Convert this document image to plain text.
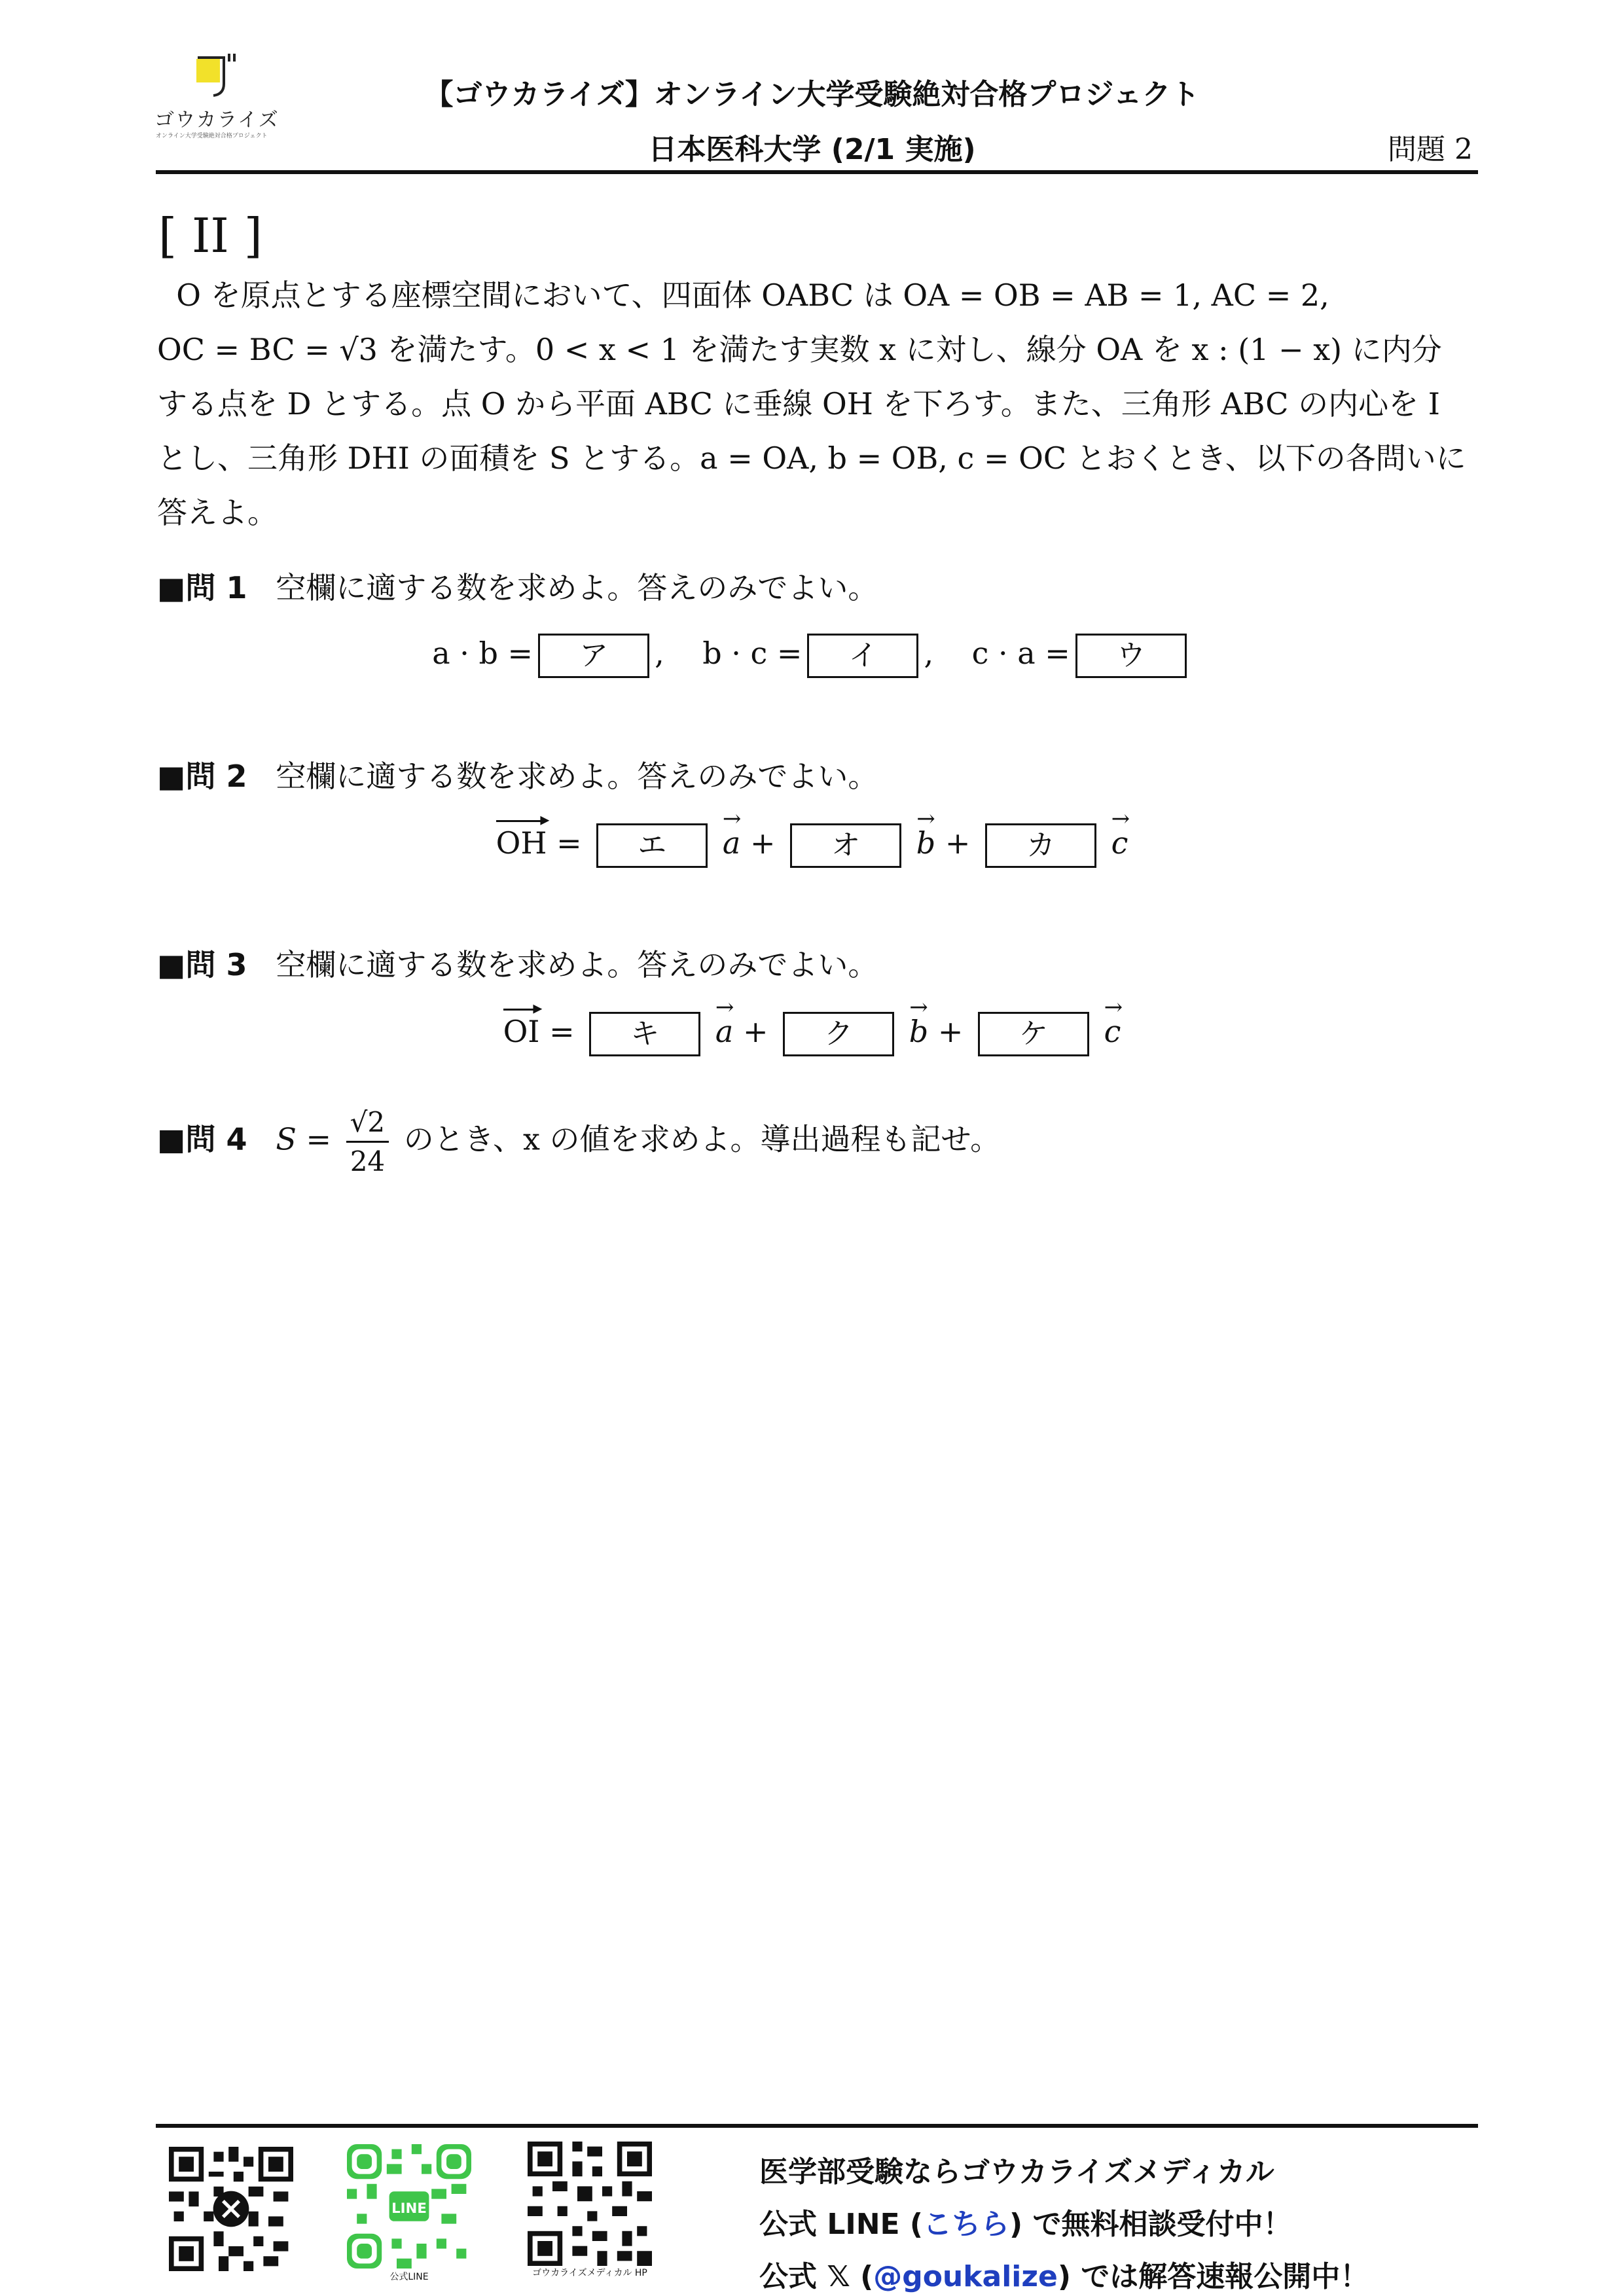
ゴウカライズ
オンライン大学受験絶対合格プロジェクト
【ゴウカライズ】オンライン大学受験絶対合格プロジェクト
日本医科大学 (2/1 実施)	問題 2
[ II ]

O を原点とする座標空間において、四面体 OABC は OA = OB = AB = 1, AC = 2,

OC = BC = √3 を満たす。0 < x < 1 を満たす実数 x に対し、線分 OA を x : (1 − x) に内分

する点を D とする。点 O から平面 ABC に垂線 OH を下ろす。また、三角形 ABC の内心を I

とし、三角形 DHI の面積を S とする。a = OA, b = OB, c = OC とおくとき、以下の各問いに

答えよ。

■問 1 空欄に適する数を求めよ。答えのみでよい。
a · b = ア , b · c = イ , c · a = ウ
■問 2 空欄に適する数を求めよ。答えのみでよい。
OH ▸ = エ → a + オ → b + カ → c
■問 3 空欄に適する数を求めよ。答えのみでよい。
OI ▸ = キ → a + ク → b + ケ → c
■問 4 $S = \frac{√2}{24}$ のとき、x の値を求めよ。導出過程も記せ。
LINE
公式LINE	ゴウカライズメディカル HP
医学部受験ならゴウカライズメディカル
公式 LINE (こちら) で無料相談受付中！
公式 𝕏 (@goukalize) では解答速報公開中！
